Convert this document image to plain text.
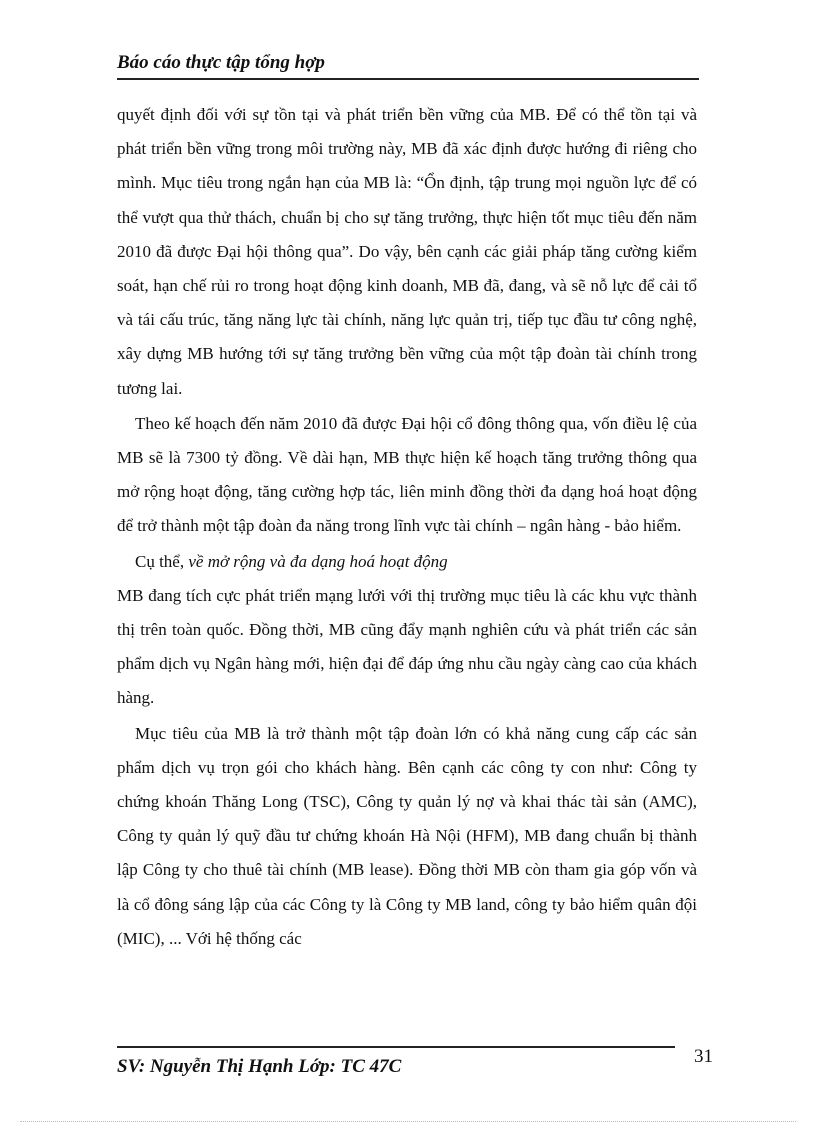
Báo cáo thực tập tổng hợp

quyết định đối với sự tồn tại và phát triển bền vững của MB. Để có thể tồn tại và phát triển bền vững trong môi trường này, MB đã xác định được hướng đi riêng cho mình. Mục tiêu trong ngắn hạn của MB là: “Ổn định, tập trung mọi nguồn lực để có thể vượt qua thử thách, chuẩn bị cho sự tăng trưởng, thực hiện tốt mục tiêu đến năm 2010 đã được Đại hội thông qua”. Do vậy, bên cạnh các giải pháp tăng cường kiểm soát, hạn chế rủi ro trong hoạt động kinh doanh, MB đã, đang, và sẽ nỗ lực để cải tổ và tái cấu trúc, tăng năng lực tài chính, năng lực quản trị, tiếp tục đầu tư công nghệ, xây dựng MB hướng tới sự tăng trưởng bền vững của một tập đoàn tài chính trong tương lai.

Theo kế hoạch đến năm 2010 đã được Đại hội cổ đông thông qua, vốn điều lệ của MB sẽ là 7300 tỷ đồng. Về dài hạn, MB thực hiện kế hoạch tăng trưởng thông qua mở rộng hoạt động, tăng cường hợp tác, liên minh đồng thời đa dạng hoá hoạt động để trở thành một tập đoàn đa năng trong lĩnh vực tài chính – ngân hàng - bảo hiểm.

Cụ thể, về mở rộng và đa dạng hoá hoạt động

MB đang tích cực phát triển mạng lưới với thị trường mục tiêu là các khu vực thành thị trên toàn quốc. Đồng thời, MB cũng đẩy mạnh nghiên cứu và phát triển các sản phẩm dịch vụ Ngân hàng mới, hiện đại để đáp ứng nhu cầu ngày càng cao của khách hàng.

Mục tiêu của MB là trở thành một tập đoàn lớn có khả năng cung cấp các sản phẩm dịch vụ trọn gói cho khách hàng. Bên cạnh các công ty con như: Công ty chứng khoán Thăng Long (TSC), Công ty quản lý nợ và khai thác tài sản (AMC), Công ty quản lý quỹ đầu tư chứng khoán Hà Nội (HFM), MB đang chuẩn bị thành lập Công ty cho thuê tài chính (MB lease). Đồng thời MB còn tham gia góp vốn và là cổ đông sáng lập của các Công ty là Công ty MB land, công ty bảo hiểm quân đội (MIC), ... Với hệ thống các

SV: Nguyễn Thị Hạnh Lớp: TC 47C	31
